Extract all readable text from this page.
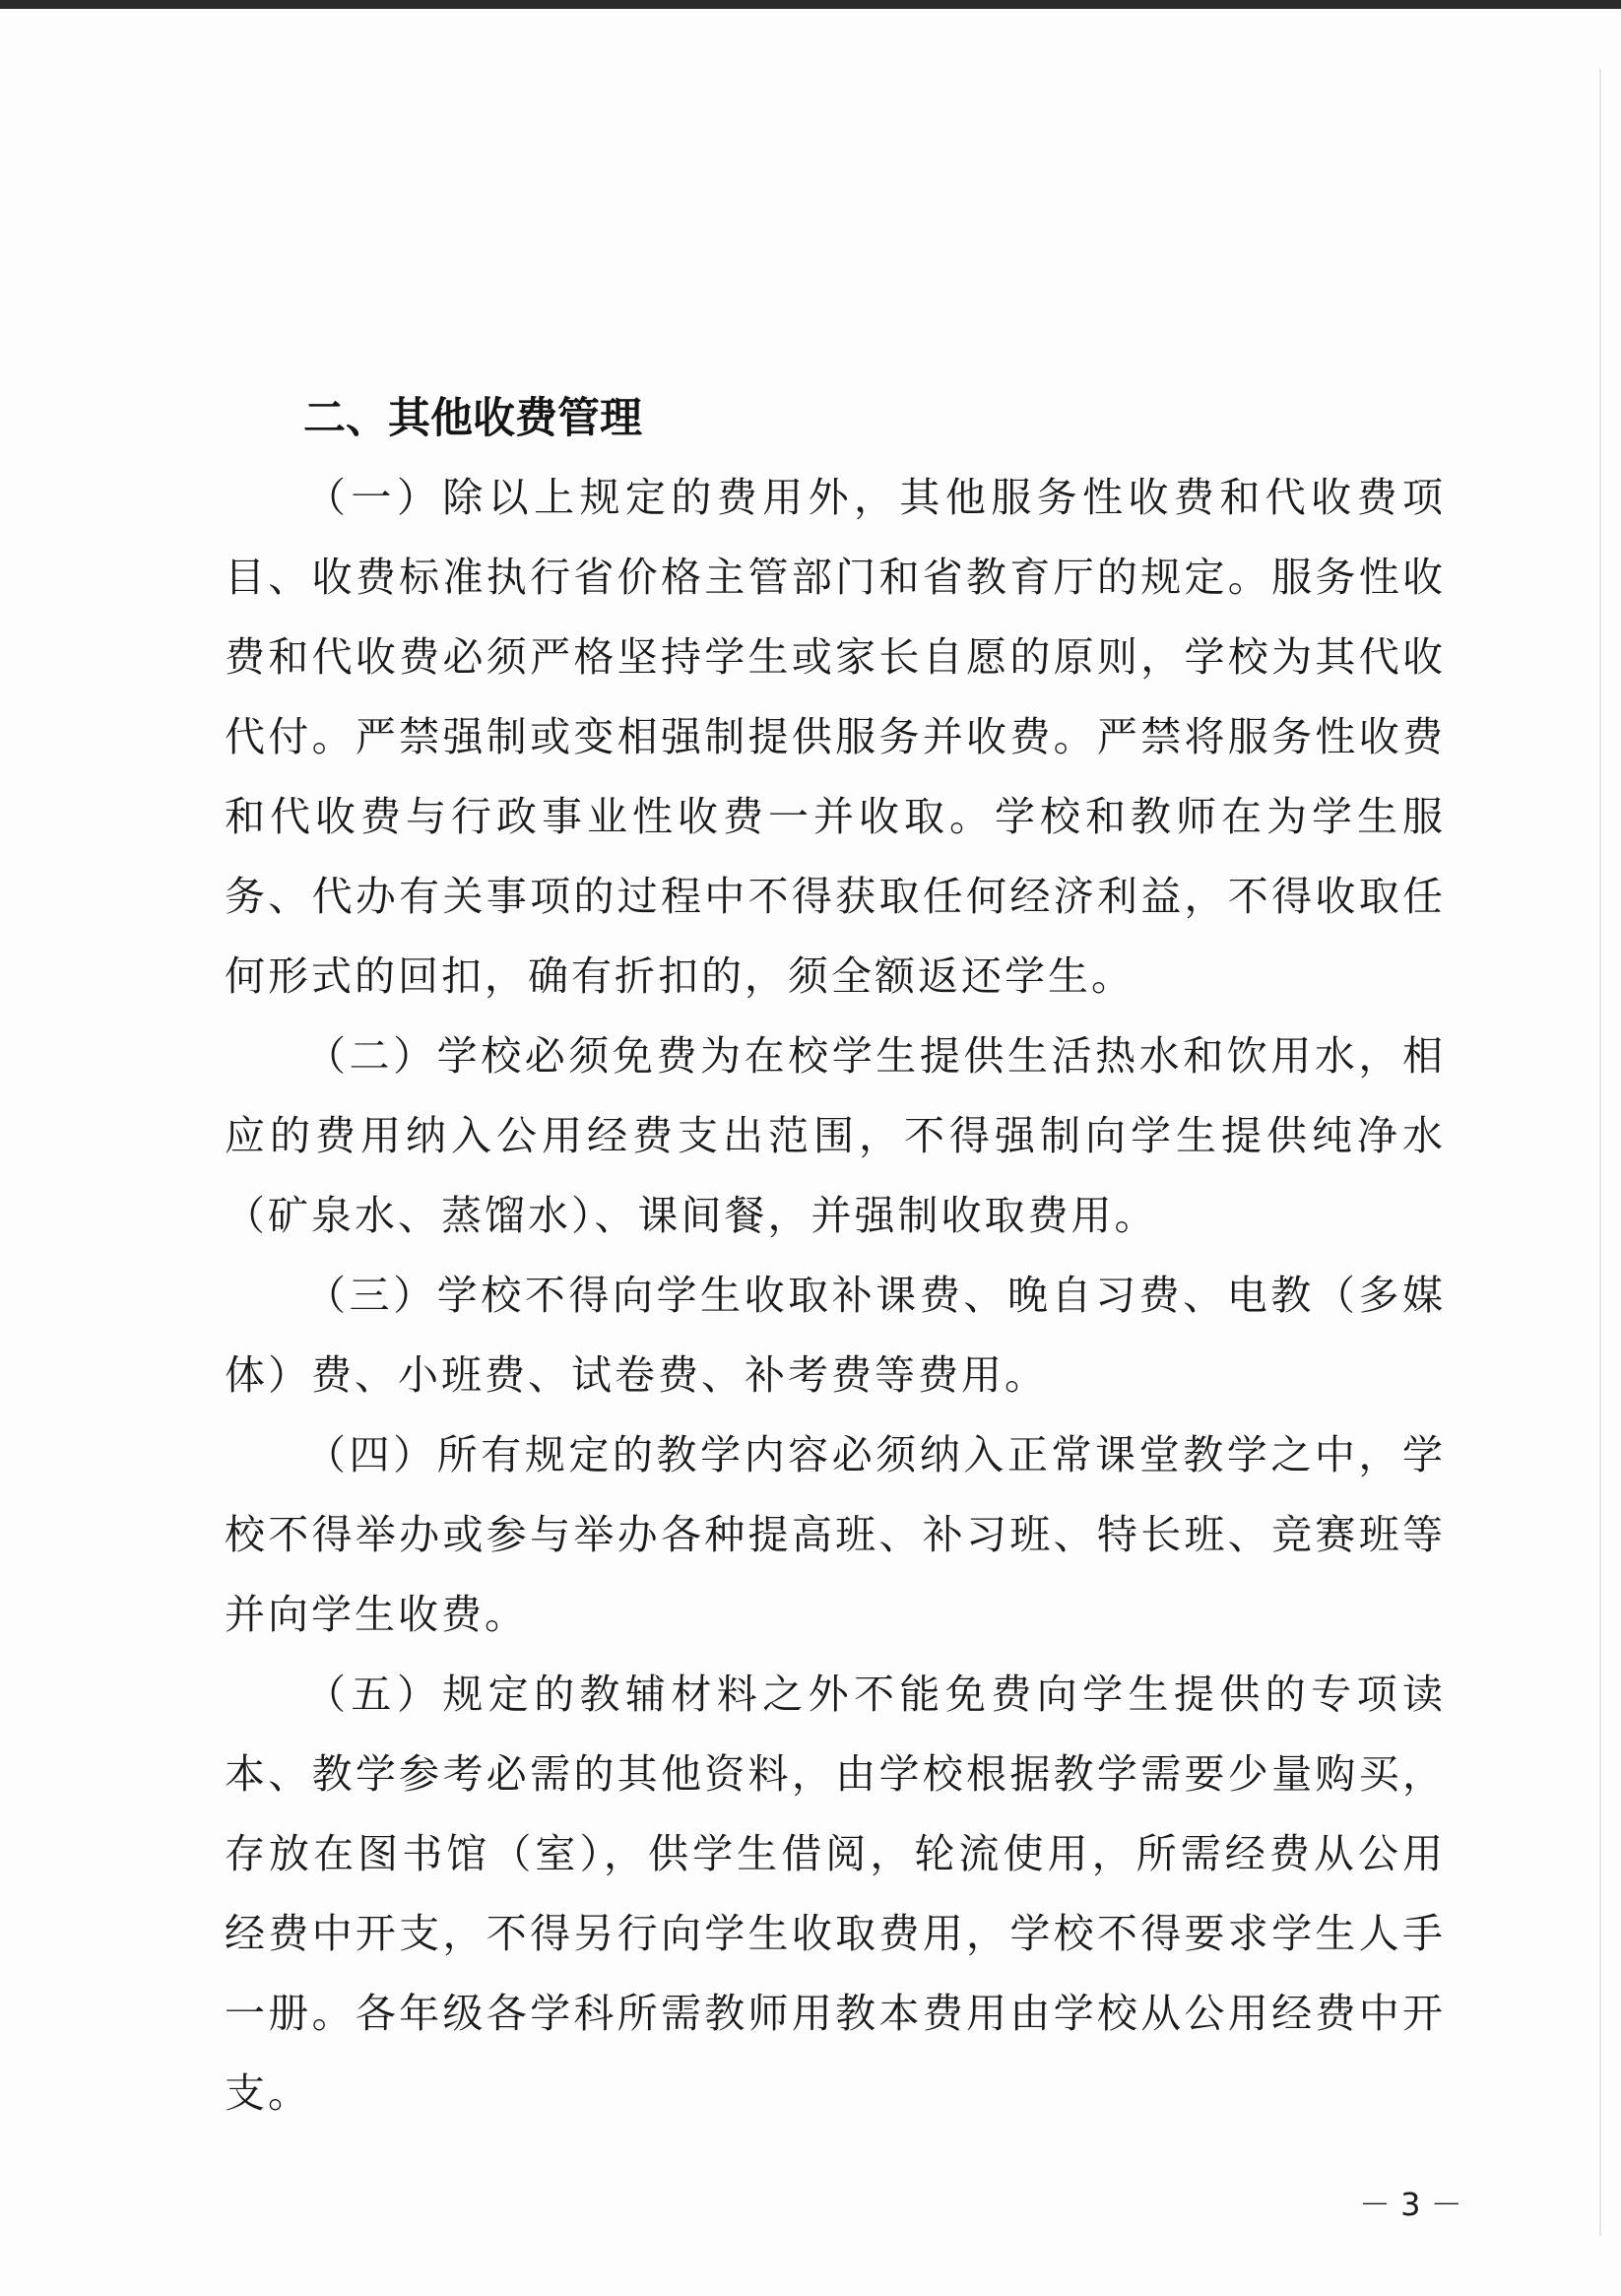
二、其他收费管理

（一）除以上规定的费用外，其他服务性收费和代收费项目、收费标准执行省价格主管部门和省教育厅的规定。服务性收费和代收费必须严格坚持学生或家长自愿的原则，学校为其代收代付。严禁强制或变相强制提供服务并收费。严禁将服务性收费和代收费与行政事业性收费一并收取。学校和教师在为学生服务、代办有关事项的过程中不得获取任何经济利益，不得收取任何形式的回扣，确有折扣的，须全额返还学生。

（二）学校必须免费为在校学生提供生活热水和饮用水，相应的费用纳入公用经费支出范围，不得强制向学生提供纯净水（矿泉水、蒸馏水）、课间餐，并强制收取费用。

（三）学校不得向学生收取补课费、晚自习费、电教（多媒体）费、小班费、试卷费、补考费等费用。

（四）所有规定的教学内容必须纳入正常课堂教学之中，学校不得举办或参与举办各种提高班、补习班、特长班、竞赛班等并向学生收费。

（五）规定的教辅材料之外不能免费向学生提供的专项读本、教学参考必需的其他资料，由学校根据教学需要少量购买，存放在图书馆（室），供学生借阅，轮流使用，所需经费从公用经费中开支，不得另行向学生收取费用，学校不得要求学生人手一册。各年级各学科所需教师用教本费用由学校从公用经费中开支。

－ 3 －
